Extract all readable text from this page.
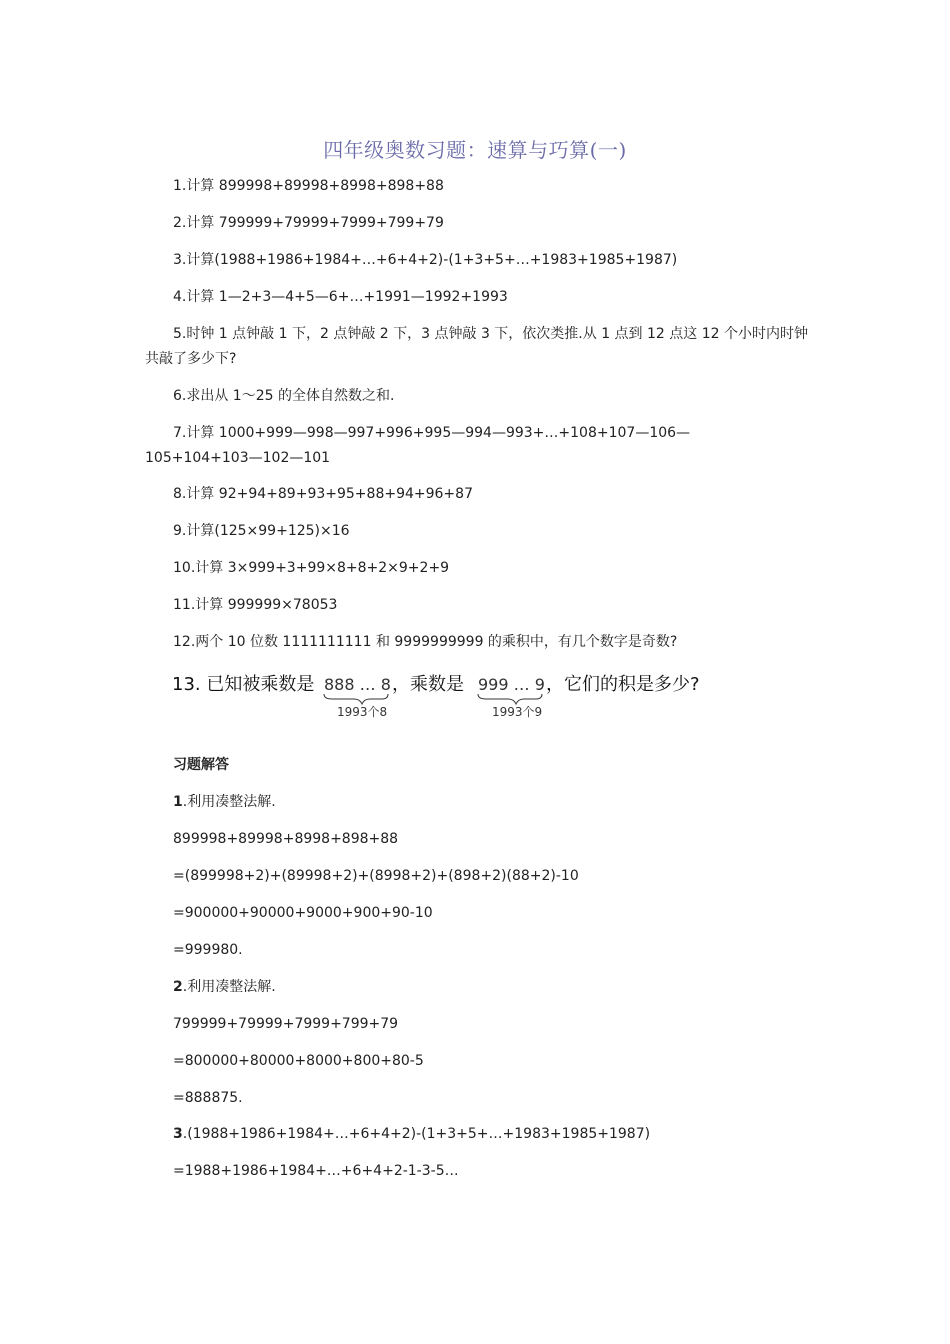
四年级奥数习题：速算与巧算(一)
1.计算 899998+89998+8998+898+88
2.计算 799999+79999+7999+799+79
3.计算(1988+1986+1984+…+6+4+2)-(1+3+5+…+1983+1985+1987)
4.计算 1—2+3—4+5—6+…+1991—1992+1993
5.时钟 1 点钟敲 1 下，2 点钟敲 2 下，3 点钟敲 3 下，依次类推.从 1 点到 12 点这 12 个小时内时钟共敲了多少下?
6.求出从 1～25 的全体自然数之和.
7.计算 1000+999—998—997+996+995—994—993+…+108+107—106—105+104+103—102—101
8.计算 92+94+89+93+95+88+94+96+87
9.计算(125×99+125)×16
10.计算 3×999+3+99×8+8+2×9+2+9
11.计算 999999×78053
12.两个 10 位数 1111111111 和 9999999999 的乘积中，有几个数字是奇数?
13. 已知被乘数是 888 … 8 ，乘数是 999 … 9 ，它们的积是多少?
1993个8	1993个9
习题解答
1.利用凑整法解.
899998+89998+8998+898+88
=(899998+2)+(89998+2)+(8998+2)+(898+2)(88+2)-10
=900000+90000+9000+900+90-10
=999980.
2.利用凑整法解.
799999+79999+7999+799+79
=800000+80000+8000+800+80-5
=888875.
3.(1988+1986+1984+…+6+4+2)-(1+3+5+…+1983+1985+1987)
=1988+1986+1984+…+6+4+2-1-3-5…
